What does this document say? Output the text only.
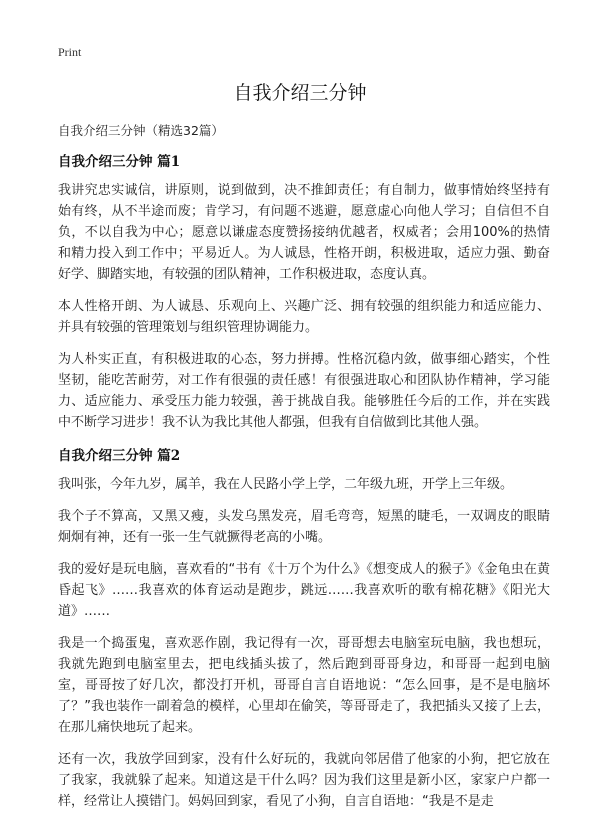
Print
自我介绍三分钟
自我介绍三分钟（精选32篇）
自我介绍三分钟 篇1

我讲究忠实诚信，讲原则，说到做到，决不推卸责任；有自制力，做事情始终坚持有始有终，从不半途而废；肯学习，有问题不逃避，愿意虚心向他人学习；自信但不自负，不以自我为中心；愿意以谦虚态度赞扬接纳优越者，权威者；会用100%的热情和精力投入到工作中；平易近人。为人诚恳，性格开朗，积极进取，适应力强、勤奋好学、脚踏实地，有较强的团队精神，工作积极进取，态度认真。

本人性格开朗、为人诚恳、乐观向上、兴趣广泛、拥有较强的组织能力和适应能力、并具有较强的管理策划与组织管理协调能力。

为人朴实正直，有积极进取的心态，努力拼搏。性格沉稳内敛，做事细心踏实，个性坚韧，能吃苦耐劳，对工作有很强的责任感！有很强进取心和团队协作精神，学习能力、适应能力、承受压力能力较强，善于挑战自我。能够胜任今后的工作，并在实践中不断学习进步！我不认为我比其他人都强，但我有自信做到比其他人强。

自我介绍三分钟 篇2

我叫张，今年九岁，属羊，我在人民路小学上学，二年级九班，开学上三年级。

我个子不算高，又黑又瘦，头发乌黑发亮，眉毛弯弯，短黑的睫毛，一双调皮的眼睛炯炯有神，还有一张一生气就撅得老高的小嘴。

我的爱好是玩电脑，喜欢看的“书有《十万个为什么》《想变成人的猴子》《金龟虫在黄昏起飞》……我喜欢的体育运动是跑步，跳远……我喜欢听的歌有棉花糖》《阳光大道》……

我是一个捣蛋鬼，喜欢恶作剧，我记得有一次，哥哥想去电脑室玩电脑，我也想玩，我就先跑到电脑室里去，把电线插头拔了，然后跑到哥哥身边，和哥哥一起到电脑室，哥哥按了好几次，都没打开机，哥哥自言自语地说：“怎么回事，是不是电脑坏了？”我也装作一副着急的模样，心里却在偷笑，等哥哥走了，我把插头又接了上去，在那儿痛快地玩了起来。

还有一次，我放学回到家，没有什么好玩的，我就向邻居借了他家的小狗，把它放在了我家，我就躲了起来。知道这是干什么吗？因为我们这里是新小区，家家户户都一样，经常让人摸错门。妈妈回到家，看见了小狗，自言自语地：“我是不是走
